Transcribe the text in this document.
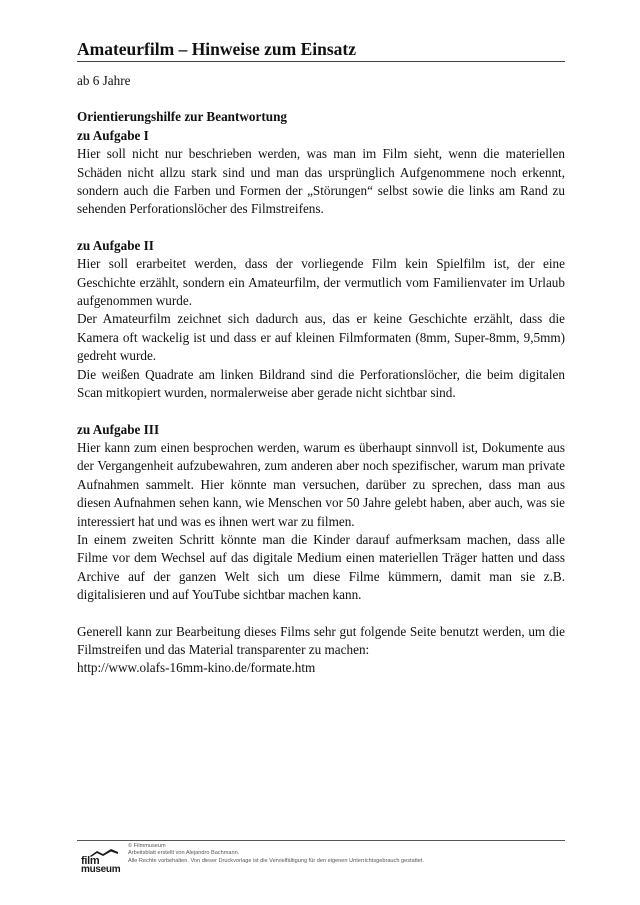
Amateurfilm – Hinweise zum Einsatz

ab 6 Jahre

Orientierungshilfe zur Beantwortung

zu Aufgabe I

Hier soll nicht nur beschrieben werden, was man im Film sieht, wenn die materiellen Schäden nicht allzu stark sind und man das ursprünglich Aufgenommene noch erkennt, sondern auch die Farben und Formen der „Störungen“ selbst sowie die links am Rand zu sehenden Perforationslöcher des Filmstreifens.

zu Aufgabe II

Hier soll erarbeitet werden, dass der vorliegende Film kein Spielfilm ist, der eine Geschichte erzählt, sondern ein Amateurfilm, der vermutlich vom Familienvater im Urlaub aufgenommen wurde.

Der Amateurfilm zeichnet sich dadurch aus, das er keine Geschichte erzählt, dass die Kamera oft wackelig ist und dass er auf kleinen Filmformaten (8mm, Super-8mm, 9,5mm) gedreht wurde.

Die weißen Quadrate am linken Bildrand sind die Perforationslöcher, die beim digitalen Scan mitkopiert wurden, normalerweise aber gerade nicht sichtbar sind.

zu Aufgabe III

Hier kann zum einen besprochen werden, warum es überhaupt sinnvoll ist, Dokumente aus der Vergangenheit aufzubewahren, zum anderen aber noch spezifischer, warum man private Aufnahmen sammelt. Hier könnte man versuchen, darüber zu sprechen, dass man aus diesen Aufnahmen sehen kann, wie Menschen vor 50 Jahre gelebt haben, aber auch, was sie interessiert hat und was es ihnen wert war zu filmen.

In einem zweiten Schritt könnte man die Kinder darauf aufmerksam machen, dass alle Filme vor dem Wechsel auf das digitale Medium einen materiellen Träger hatten und dass Archive auf der ganzen Welt sich um diese Filme kümmern, damit man sie z.B. digitalisieren und auf YouTube sichtbar machen kann.

Generell kann zur Bearbeitung dieses Films sehr gut folgende Seite benutzt werden, um die Filmstreifen und das Material transparenter zu machen:

http://www.olafs-16mm-kino.de/formate.htm

film
museum
© Filmmuseum
Arbeitsblatt erstellt von Alejandro Bachmann.
Alle Rechte vorbehalten. Von dieser Druckvorlage ist die Vervielfältigung für den eigenen Unterrichtsgebrauch gestattet.
